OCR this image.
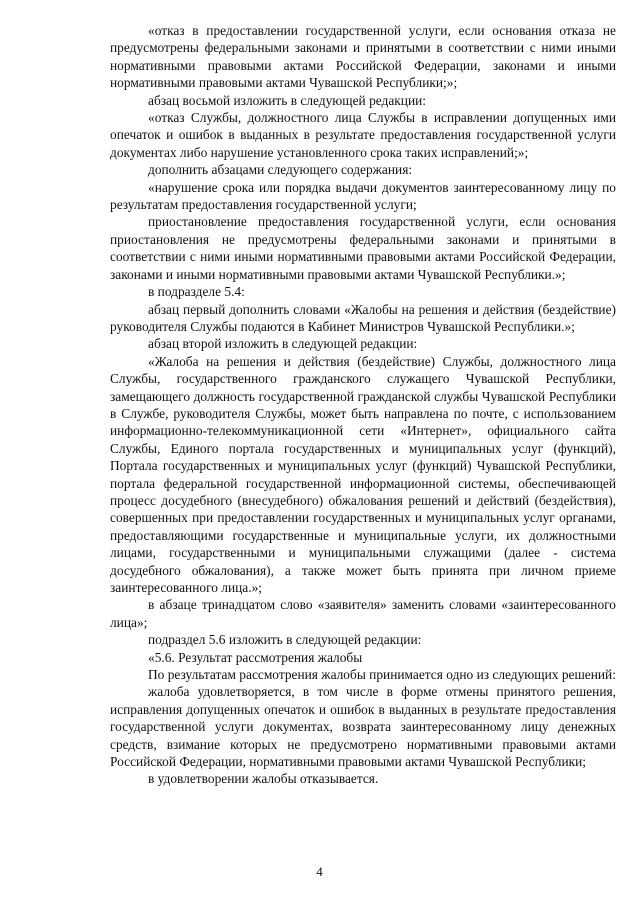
«отказ в предоставлении государственной услуги, если основания отказа не предусмотрены федеральными законами и принятыми в соответствии с ними иными нормативными правовыми актами Российской Федерации, законами и иными нормативными правовыми актами Чувашской Республики;»;

абзац восьмой изложить в следующей редакции:

«отказ Службы, должностного лица Службы в исправлении допущенных ими опечаток и ошибок в выданных в результате предоставления государственной услуги документах либо нарушение установленного срока таких исправлений;»;

дополнить абзацами следующего содержания:

«нарушение срока или порядка выдачи документов заинтересованному лицу по результатам предоставления государственной услуги;

приостановление предоставления государственной услуги, если основания приостановления не предусмотрены федеральными законами и принятыми в соответствии с ними иными нормативными правовыми актами Российской Федерации, законами и иными нормативными правовыми актами Чувашской Республики.»;

в подразделе 5.4:

абзац первый дополнить словами «Жалобы на решения и действия (бездействие) руководителя Службы подаются в Кабинет Министров Чувашской Республики.»;

абзац второй изложить в следующей редакции:

«Жалоба на решения и действия (бездействие) Службы, должностного лица Службы, государственного гражданского служащего Чувашской Республики, замещающего должность государственной гражданской службы Чувашской Республики в Службе, руководителя Службы, может быть направлена по почте, с использованием информационно-телекоммуникационной сети «Интернет», официального сайта Службы, Единого портала государственных и муниципальных услуг (функций), Портала государственных и муниципальных услуг (функций) Чувашской Республики, портала федеральной государственной информационной системы, обеспечивающей процесс досудебного (внесудебного) обжалования решений и действий (бездействия), совершенных при предоставлении государственных и муниципальных услуг органами, предоставляющими государственные и муниципальные услуги, их должностными лицами, государственными и муниципальными служащими (далее - система досудебного обжалования), а также может быть принята при личном приеме заинтересованного лица.»;

в абзаце тринадцатом слово «заявителя» заменить словами «заинтересованного лица»;

подраздел 5.6 изложить в следующей редакции:

«5.6. Результат рассмотрения жалобы

По результатам рассмотрения жалобы принимается одно из следующих решений:

жалоба удовлетворяется, в том числе в форме отмены принятого решения, исправления допущенных опечаток и ошибок в выданных в результате предоставления государственной услуги документах, возврата заинтересованному лицу денежных средств, взимание которых не предусмотрено нормативными правовыми актами Российской Федерации, нормативными правовыми актами Чувашской Республики;

в удовлетворении жалобы отказывается.

4
